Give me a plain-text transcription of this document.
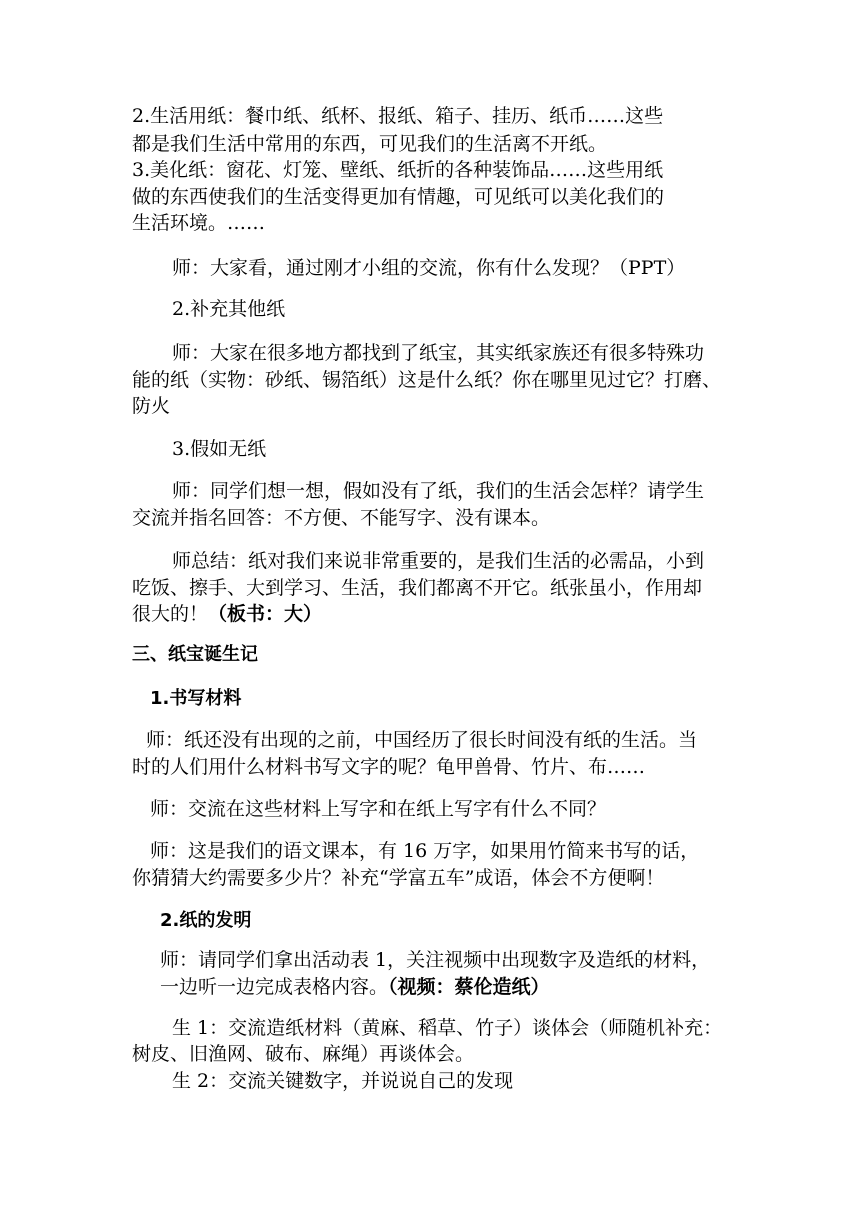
2.生活用纸：餐巾纸、纸杯、报纸、箱子、挂历、纸币……这些
都是我们生活中常用的东西，可见我们的生活离不开纸。
3.美化纸：窗花、灯笼、壁纸、纸折的各种装饰品……这些用纸
做的东西使我们的生活变得更加有情趣，可见纸可以美化我们的
生活环境。……
师：大家看，通过刚才小组的交流，你有什么发现？（PPT）
2.补充其他纸
师：大家在很多地方都找到了纸宝，其实纸家族还有很多特殊功
能的纸（实物：砂纸、锡箔纸）这是什么纸？你在哪里见过它？打磨、
防火
3.假如无纸
师：同学们想一想，假如没有了纸，我们的生活会怎样？请学生
交流并指名回答：不方便、不能写字、没有课本。
师总结：纸对我们来说非常重要的，是我们生活的必需品，小到
吃饭、擦手、大到学习、生活，我们都离不开它。纸张虽小，作用却
很大的！（板书：大）
三、纸宝诞生记
1.书写材料
师：纸还没有出现的之前，中国经历了很长时间没有纸的生活。当
时的人们用什么材料书写文字的呢？龟甲兽骨、竹片、布……
师：交流在这些材料上写字和在纸上写字有什么不同？
师：这是我们的语文课本，有 16 万字，如果用竹简来书写的话，
你猜猜大约需要多少片？补充“学富五车”成语，体会不方便啊！
2.纸的发明
师：请同学们拿出活动表 1，关注视频中出现数字及造纸的材料，
一边听一边完成表格内容。（视频：蔡伦造纸）
生 1：交流造纸材料（黄麻、稻草、竹子）谈体会（师随机补充：
树皮、旧渔网、破布、麻绳）再谈体会。
生 2：交流关键数字，并说说自己的发现
